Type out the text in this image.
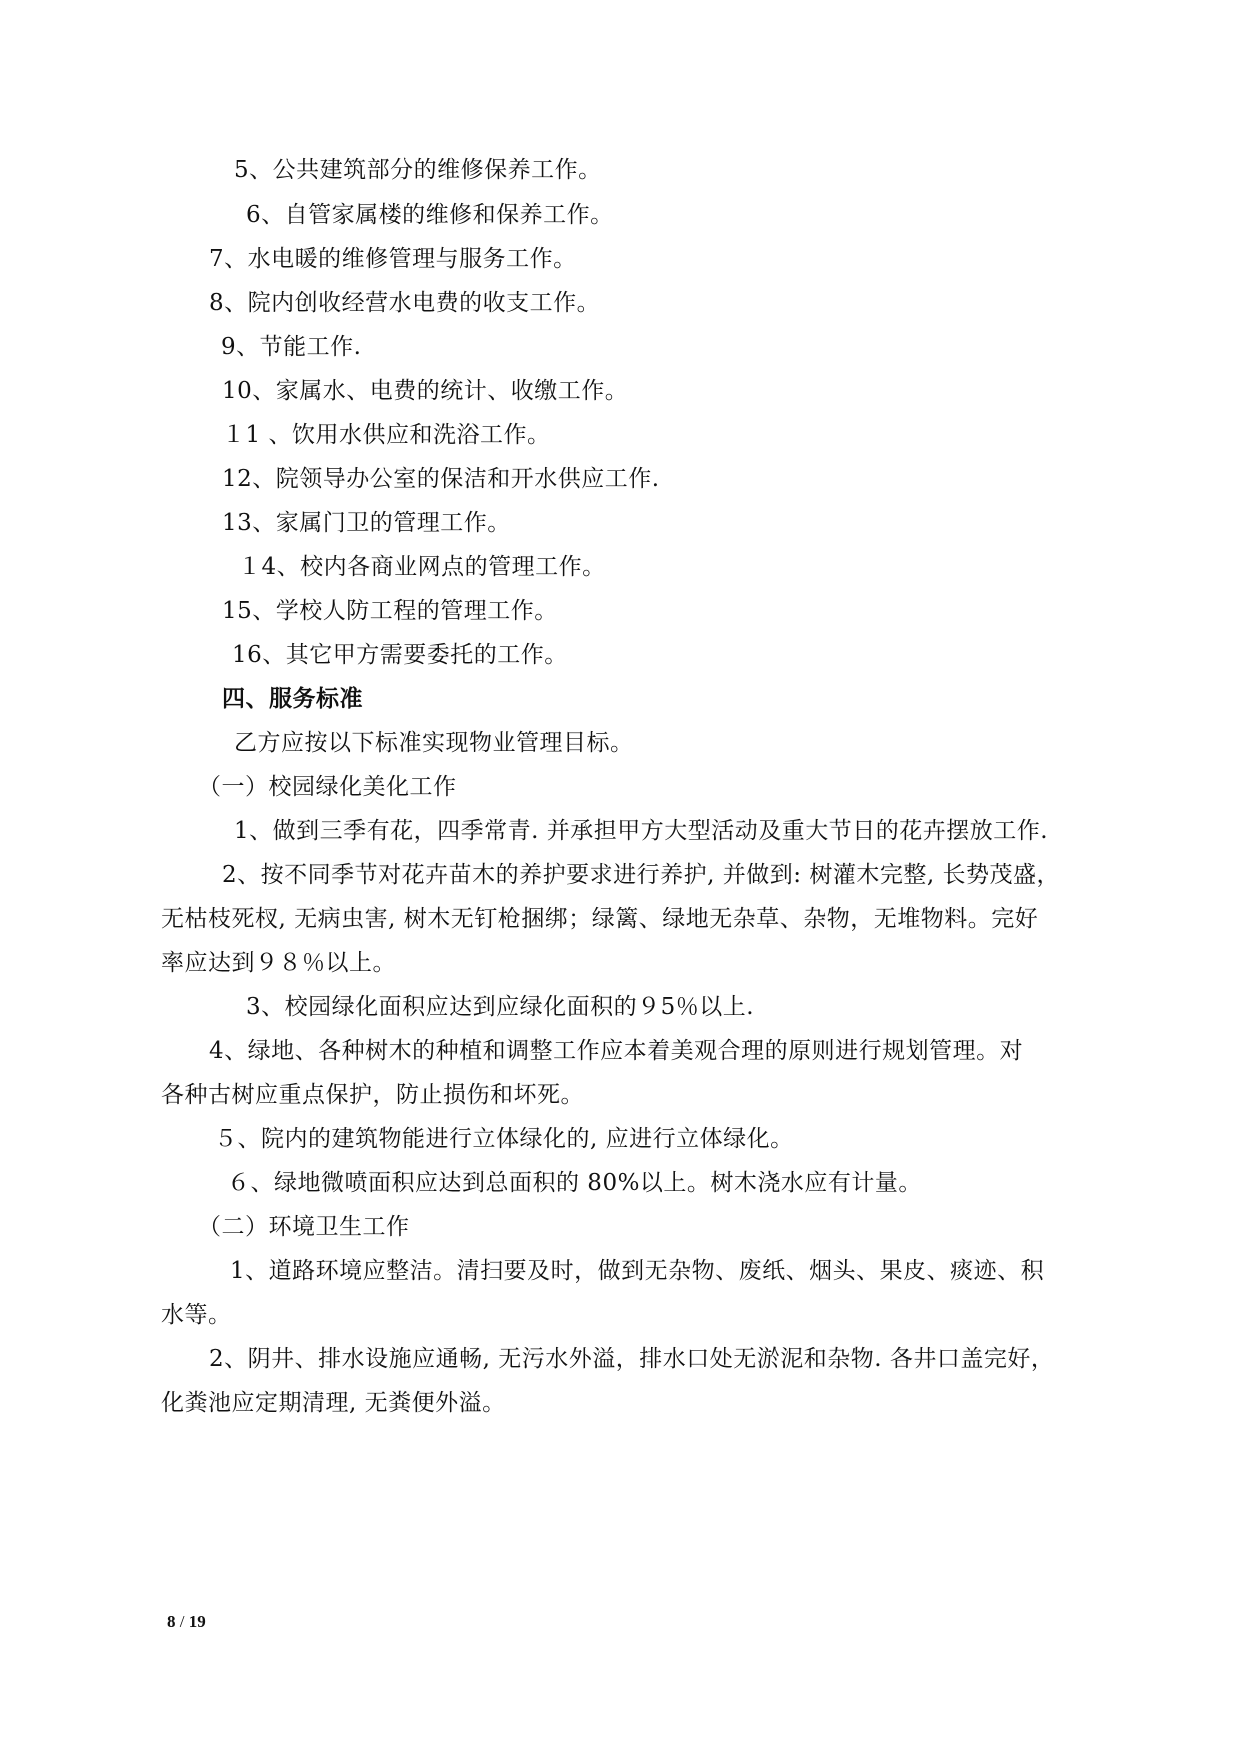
5、公共建筑部分的维修保养工作。
6、自管家属楼的维修和保养工作。
7、水电暖的维修管理与服务工作。
8、院内创收经营水电费的收支工作。
9、节能工作.
10、家属水、电费的统计、收缴工作。
１1 、饮用水供应和洗浴工作。
12、院领导办公室的保洁和开水供应工作.
13、家属门卫的管理工作。
１4、校内各商业网点的管理工作。
15、学校人防工程的管理工作。
16、其它甲方需要委托的工作。
四、服务标准
乙方应按以下标准实现物业管理目标。
（一）校园绿化美化工作
1、做到三季有花，四季常青. 并承担甲方大型活动及重大节日的花卉摆放工作.
2、按不同季节对花卉苗木的养护要求进行养护, 并做到: 树灌木完整, 长势茂盛，
无枯枝死杈, 无病虫害, 树木无钉枪捆绑；绿篱、绿地无杂草、杂物，无堆物料。完好
率应达到９８％以上。
3、校园绿化面积应达到应绿化面积的９5％以上.
4、绿地、各种树木的种植和调整工作应本着美观合理的原则进行规划管理。对
各种古树应重点保护，防止损伤和坏死。
５、院内的建筑物能进行立体绿化的, 应进行立体绿化。
６、绿地微喷面积应达到总面积的 80%以上。树木浇水应有计量。
（二）环境卫生工作
1、道路环境应整洁。清扫要及时，做到无杂物、废纸、烟头、果皮、痰迹、积
水等。
2、阴井、排水设施应通畅, 无污水外溢，排水口处无淤泥和杂物. 各井口盖完好，
化粪池应定期清理, 无粪便外溢。
8 / 19
